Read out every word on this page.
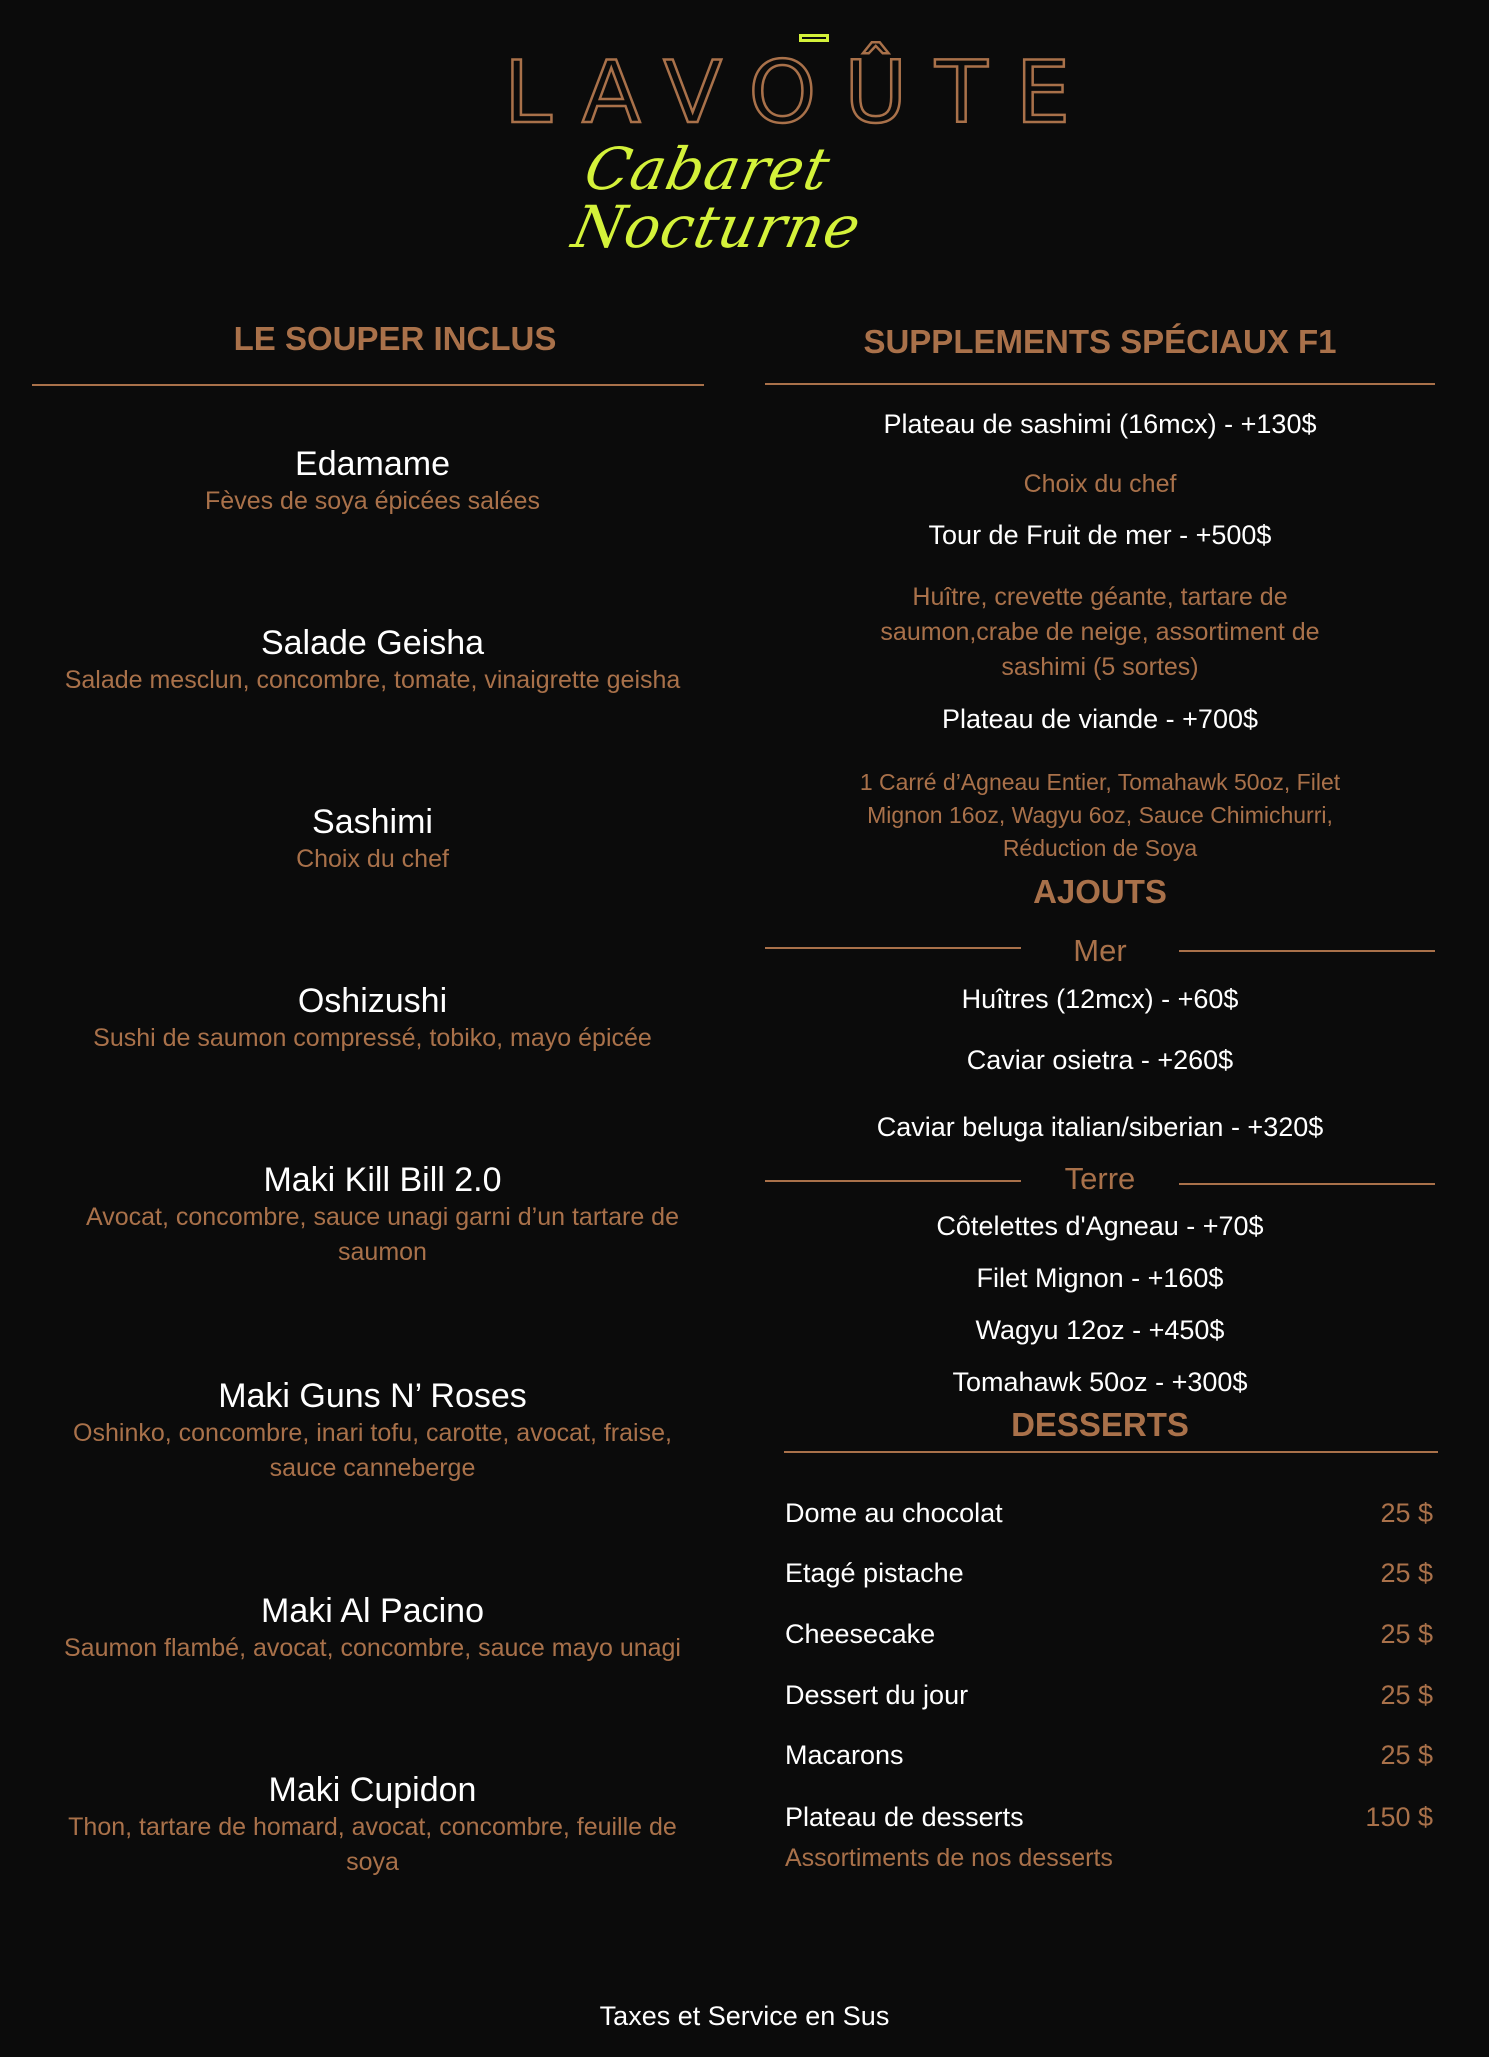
LAVOÛTE
Cabaret Nocturne
LE SOUPER INCLUS
Edamame
Fèves de soya épicées salées
Salade Geisha
Salade mesclun, concombre, tomate, vinaigrette geisha
Sashimi
Choix du chef
Oshizushi
Sushi de saumon compressé, tobiko, mayo épicée
Maki Kill Bill 2.0
Avocat, concombre, sauce unagi garni d’un tartare de
saumon
Maki Guns N’ Roses
Oshinko, concombre, inari tofu, carotte, avocat, fraise,
sauce canneberge
Maki Al Pacino
Saumon flambé, avocat, concombre, sauce mayo unagi
Maki Cupidon
Thon, tartare de homard, avocat, concombre, feuille de
soya
SUPPLEMENTS SPÉCIAUX F1
Plateau de sashimi (16mcx) - +130$
Choix du chef
Tour de Fruit de mer - +500$
Huître, crevette géante, tartare de
saumon,crabe de neige, assortiment de
sashimi (5 sortes)
Plateau de viande - +700$
1 Carré d’Agneau Entier, Tomahawk 50oz, Filet
Mignon 16oz, Wagyu 6oz, Sauce Chimichurri,
Réduction de Soya
AJOUTS
Mer
Huîtres (12mcx) - +60$
Caviar osietra - +260$
Caviar beluga italian/siberian - +320$
Terre
Côtelettes d'Agneau - +70$
Filet Mignon - +160$
Wagyu 12oz - +450$
Tomahawk 50oz - +300$
DESSERTS
Dome au chocolat	25 $
Etagé pistache	25 $
Cheesecake	25 $
Dessert du jour	25 $
Macarons	25 $
Plateau de desserts	150 $
Assortiments de nos desserts
Taxes et Service en Sus
